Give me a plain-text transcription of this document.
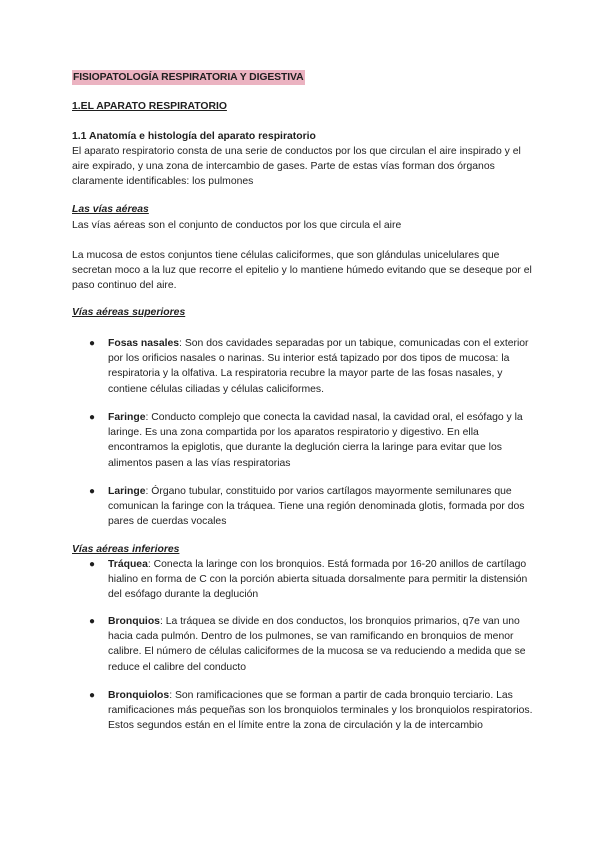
FISIOPATOLOGÍA RESPIRATORIA Y DIGESTIVA

1.EL APARATO RESPIRATORIO

1.1 Anatomía e histología del aparato respiratorio

El aparato respiratorio consta de una serie de conductos por los que circulan el aire inspirado y el aire expirado, y una zona de intercambio de gases. Parte de estas vías forman dos órganos claramente identificables: los pulmones

Las vías aéreas

Las vías aéreas son el conjunto de conductos por los que circula el aire

La mucosa de estos conjuntos tiene células caliciformes, que son glándulas unicelulares que secretan moco a la luz que recorre el epitelio y lo mantiene húmedo evitando que se deseque por el paso continuo del aire.

Vías aéreas superiores

● Fosas nasales: Son dos cavidades separadas por un tabique, comunicadas con el exterior por los orificios nasales o narinas. Su interior está tapizado por dos tipos de mucosa: la respiratoria y la olfativa. La respiratoria recubre la mayor parte de las fosas nasales, y contiene células ciliadas y células caliciformes.
● Faringe: Conducto complejo que conecta la cavidad nasal, la cavidad oral, el esófago y la laringe. Es una zona compartida por los aparatos respiratorio y digestivo. En ella encontramos la epiglotis, que durante la deglución cierra la laringe para evitar que los alimentos pasen a las vías respiratorias
● Laringe: Órgano tubular, constituido por varios cartílagos mayormente semilunares que comunican la faringe con la tráquea. Tiene una región denominada glotis, formada por dos pares de cuerdas vocales

Vías aéreas inferiores

● Tráquea: Conecta la laringe con los bronquios. Está formada por 16-20 anillos de cartílago hialino en forma de C con la porción abierta situada dorsalmente para permitir la distensión del esófago durante la deglución
● Bronquios: La tráquea se divide en dos conductos, los bronquios primarios, q7e van uno hacia cada pulmón. Dentro de los pulmones, se van ramificando en bronquios de menor calibre. El número de células caliciformes de la mucosa se va reduciendo a medida que se reduce el calibre del conducto
● Bronquiolos: Son ramificaciones que se forman a partir de cada bronquio terciario. Las ramificaciones más pequeñas son los bronquiolos terminales y los bronquiolos respiratorios. Estos segundos están en el límite entre la zona de circulación y la de intercambio
